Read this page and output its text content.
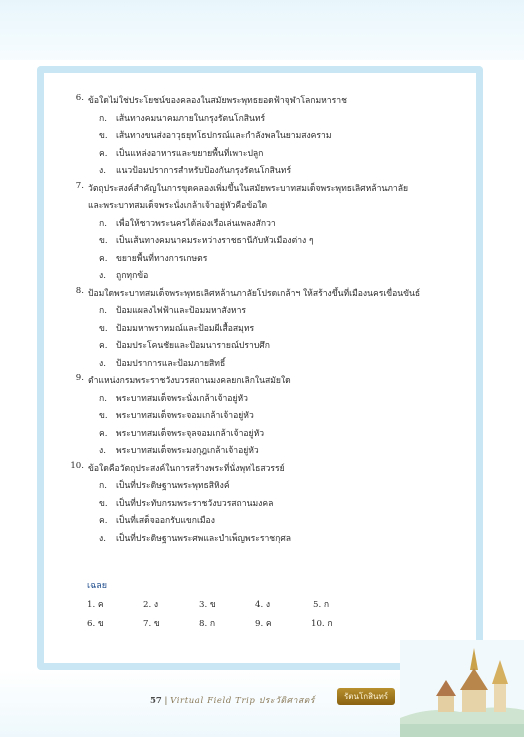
6. ข้อใดไม่ใช่ประโยชน์ของคลองในสมัยพระพุทธยอดฟ้าจุฬาโลกมหาราช
ก. เส้นทางคมนาคมภายในกรุงรัตนโกสินทร์
ข. เส้นทางขนส่งอาวุธยุทโธปกรณ์และกำลังพลในยามสงคราม
ค. เป็นแหล่งอาหารและขยายพื้นที่เพาะปลูก
ง. แนวป้อมปราการสำหรับป้องกันกรุงรัตนโกสินทร์
7. วัตถุประสงค์สำคัญในการขุดคลองเพิ่มขึ้นในสมัยพระบาทสมเด็จพระพุทธเลิศหล้านภาลัย
และพระบาทสมเด็จพระนั่งเกล้าเจ้าอยู่หัวคือข้อใด
ก. เพื่อให้ชาวพระนครได้ล่องเรือเล่นเพลงสักวา
ข. เป็นเส้นทางคมนาคมระหว่างราชธานีกับหัวเมืองต่าง ๆ
ค. ขยายพื้นที่ทางการเกษตร
ง. ถูกทุกข้อ
8. ป้อมใดพระบาทสมเด็จพระพุทธเลิศหล้านภาลัยโปรดเกล้าฯ ให้สร้างขึ้นที่เมืองนครเขื่อนขันธ์
ก. ป้อมแผลงไฟฟ้าและป้อมมหาสังหาร
ข. ป้อมมหาพราหมณ์และป้อมผีเสื้อสมุทร
ค. ป้อมประโคนชัยและป้อมนารายณ์ปราบศึก
ง. ป้อมปราการและป้อมภายสิทธิ์
9. ตำแหน่งกรมพระราชวังบวรสถานมงคลยกเลิกในสมัยใด
ก. พระบาทสมเด็จพระนั่งเกล้าเจ้าอยู่หัว
ข. พระบาทสมเด็จพระจอมเกล้าเจ้าอยู่หัว
ค. พระบาทสมเด็จพระจุลจอมเกล้าเจ้าอยู่หัว
ง. พระบาทสมเด็จพระมงกุฎเกล้าเจ้าอยู่หัว
10. ข้อใดคือวัตถุประสงค์ในการสร้างพระที่นั่งพุทไธสวรรย์
ก. เป็นที่ประดิษฐานพระพุทธสิหิงค์
ข. เป็นที่ประทับกรมพระราชวังบวรสถานมงคล
ค. เป็นที่เสด็จออกรับแขกเมือง
ง. เป็นที่ประดิษฐานพระศพและบำเพ็ญพระราชกุศล
เฉลย
1. ค	2. ง	3. ข	4. ง	5. ก
6. ข	7. ข	8. ก	9. ค	10. ก
57 | Virtual Field Trip ประวัติศาสตร์	รัตนโกสินทร์
